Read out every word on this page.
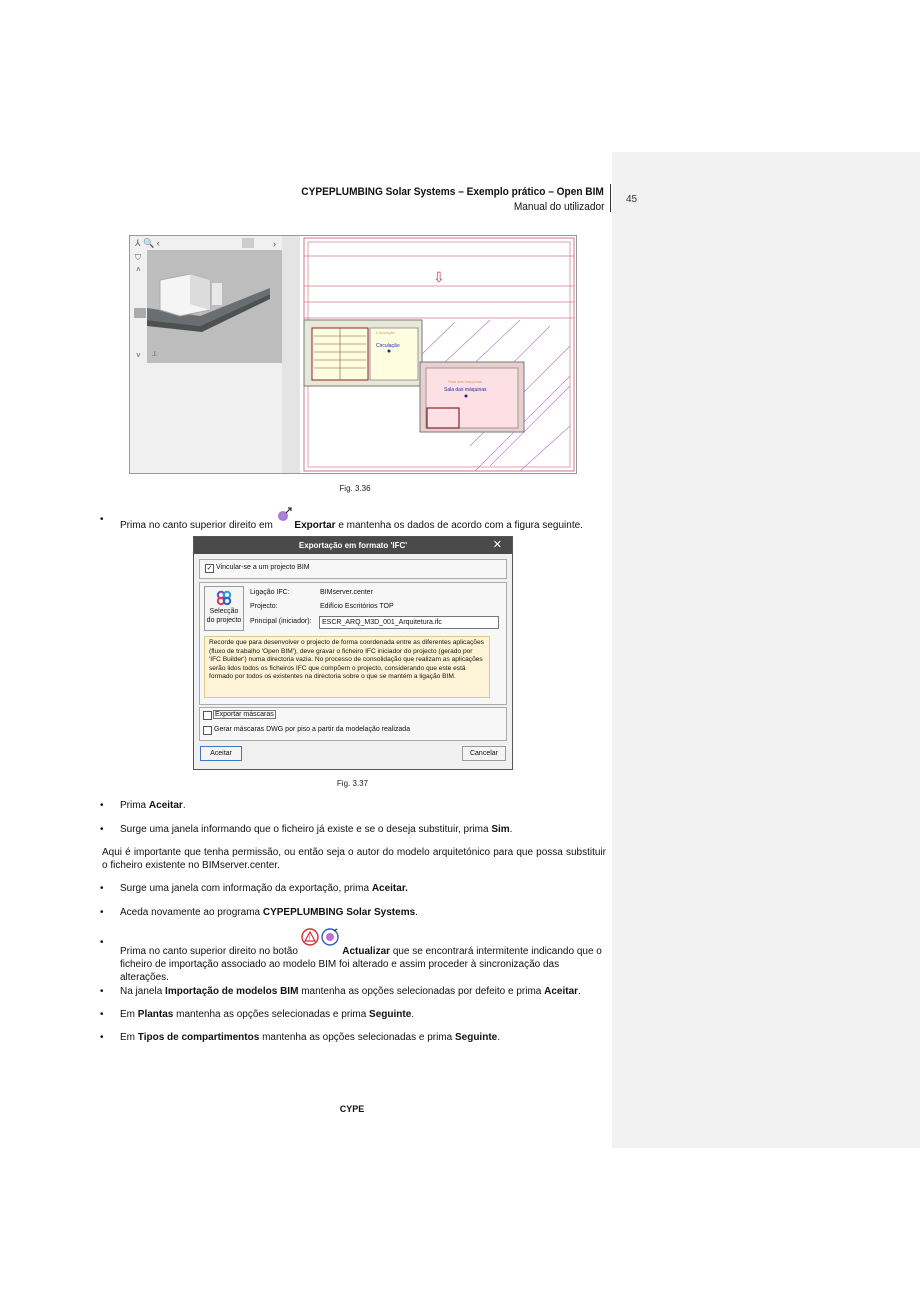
CYPEPLUMBING Solar Systems – Exemplo prático – Open BIM
Manual do utilizador
45
⅄ 🔍 ‹	›
⛉
˄
˅ ⅃.
⇩
Circulação
Circulação
Sala das máquinas
Sala das máquinas
Fig. 3.36
• Prima no canto superior direito em Exportar e mantenha os dados de acordo com a figura seguinte.
Exportação em formato 'IFC'	✕
✓ Vincular-se a um projecto BIM
Selecção do projecto
Ligação IFC:	BIMserver.center
Projecto:	Edifício Escritórios TOP
Principal (iniciador):	ESCR_ARQ_M3D_001_Arquitetura.ifc
Recorde que para desenvolver o projecto de forma coordenada entre as diferentes aplicações (fluxo de trabalho 'Open BIM'), deve gravar o ficheiro IFC iniciador do projecto (gerado por 'IFC Builder') numa directoria vazia. No processo de consolidação que realizam as aplicações serão lidos todos os ficheiros IFC que compõem o projecto, considerando que este está formado por todos os existentes na directoria sobre o que se mantém a ligação BIM.
Exportar máscaras
Gerar máscaras DWG por piso a partir da modelação realizada
Aceitar	Cancelar
Fig. 3.37
• Prima Aceitar.
• Surge uma janela informando que o ficheiro já existe e se o deseja substituir, prima Sim.
Aqui é importante que tenha permissão, ou então seja o autor do modelo arquitetónico para que possa substituir o ficheiro existente no BIMserver.center.
• Surge uma janela com informação da exportação, prima Aceitar.
• Aceda novamente ao programa CYPEPLUMBING Solar Systems.
• Prima no canto superior direito no botão
!
Actualizar que se encontrará intermitente indicando que o ficheiro de importação associado ao modelo BIM foi alterado e assim proceder à sincronização das alterações.
• Na janela Importação de modelos BIM mantenha as opções selecionadas por defeito e prima Aceitar.
• Em Plantas mantenha as opções selecionadas e prima Seguinte.
• Em Tipos de compartimentos mantenha as opções selecionadas e prima Seguinte.
CYPE
